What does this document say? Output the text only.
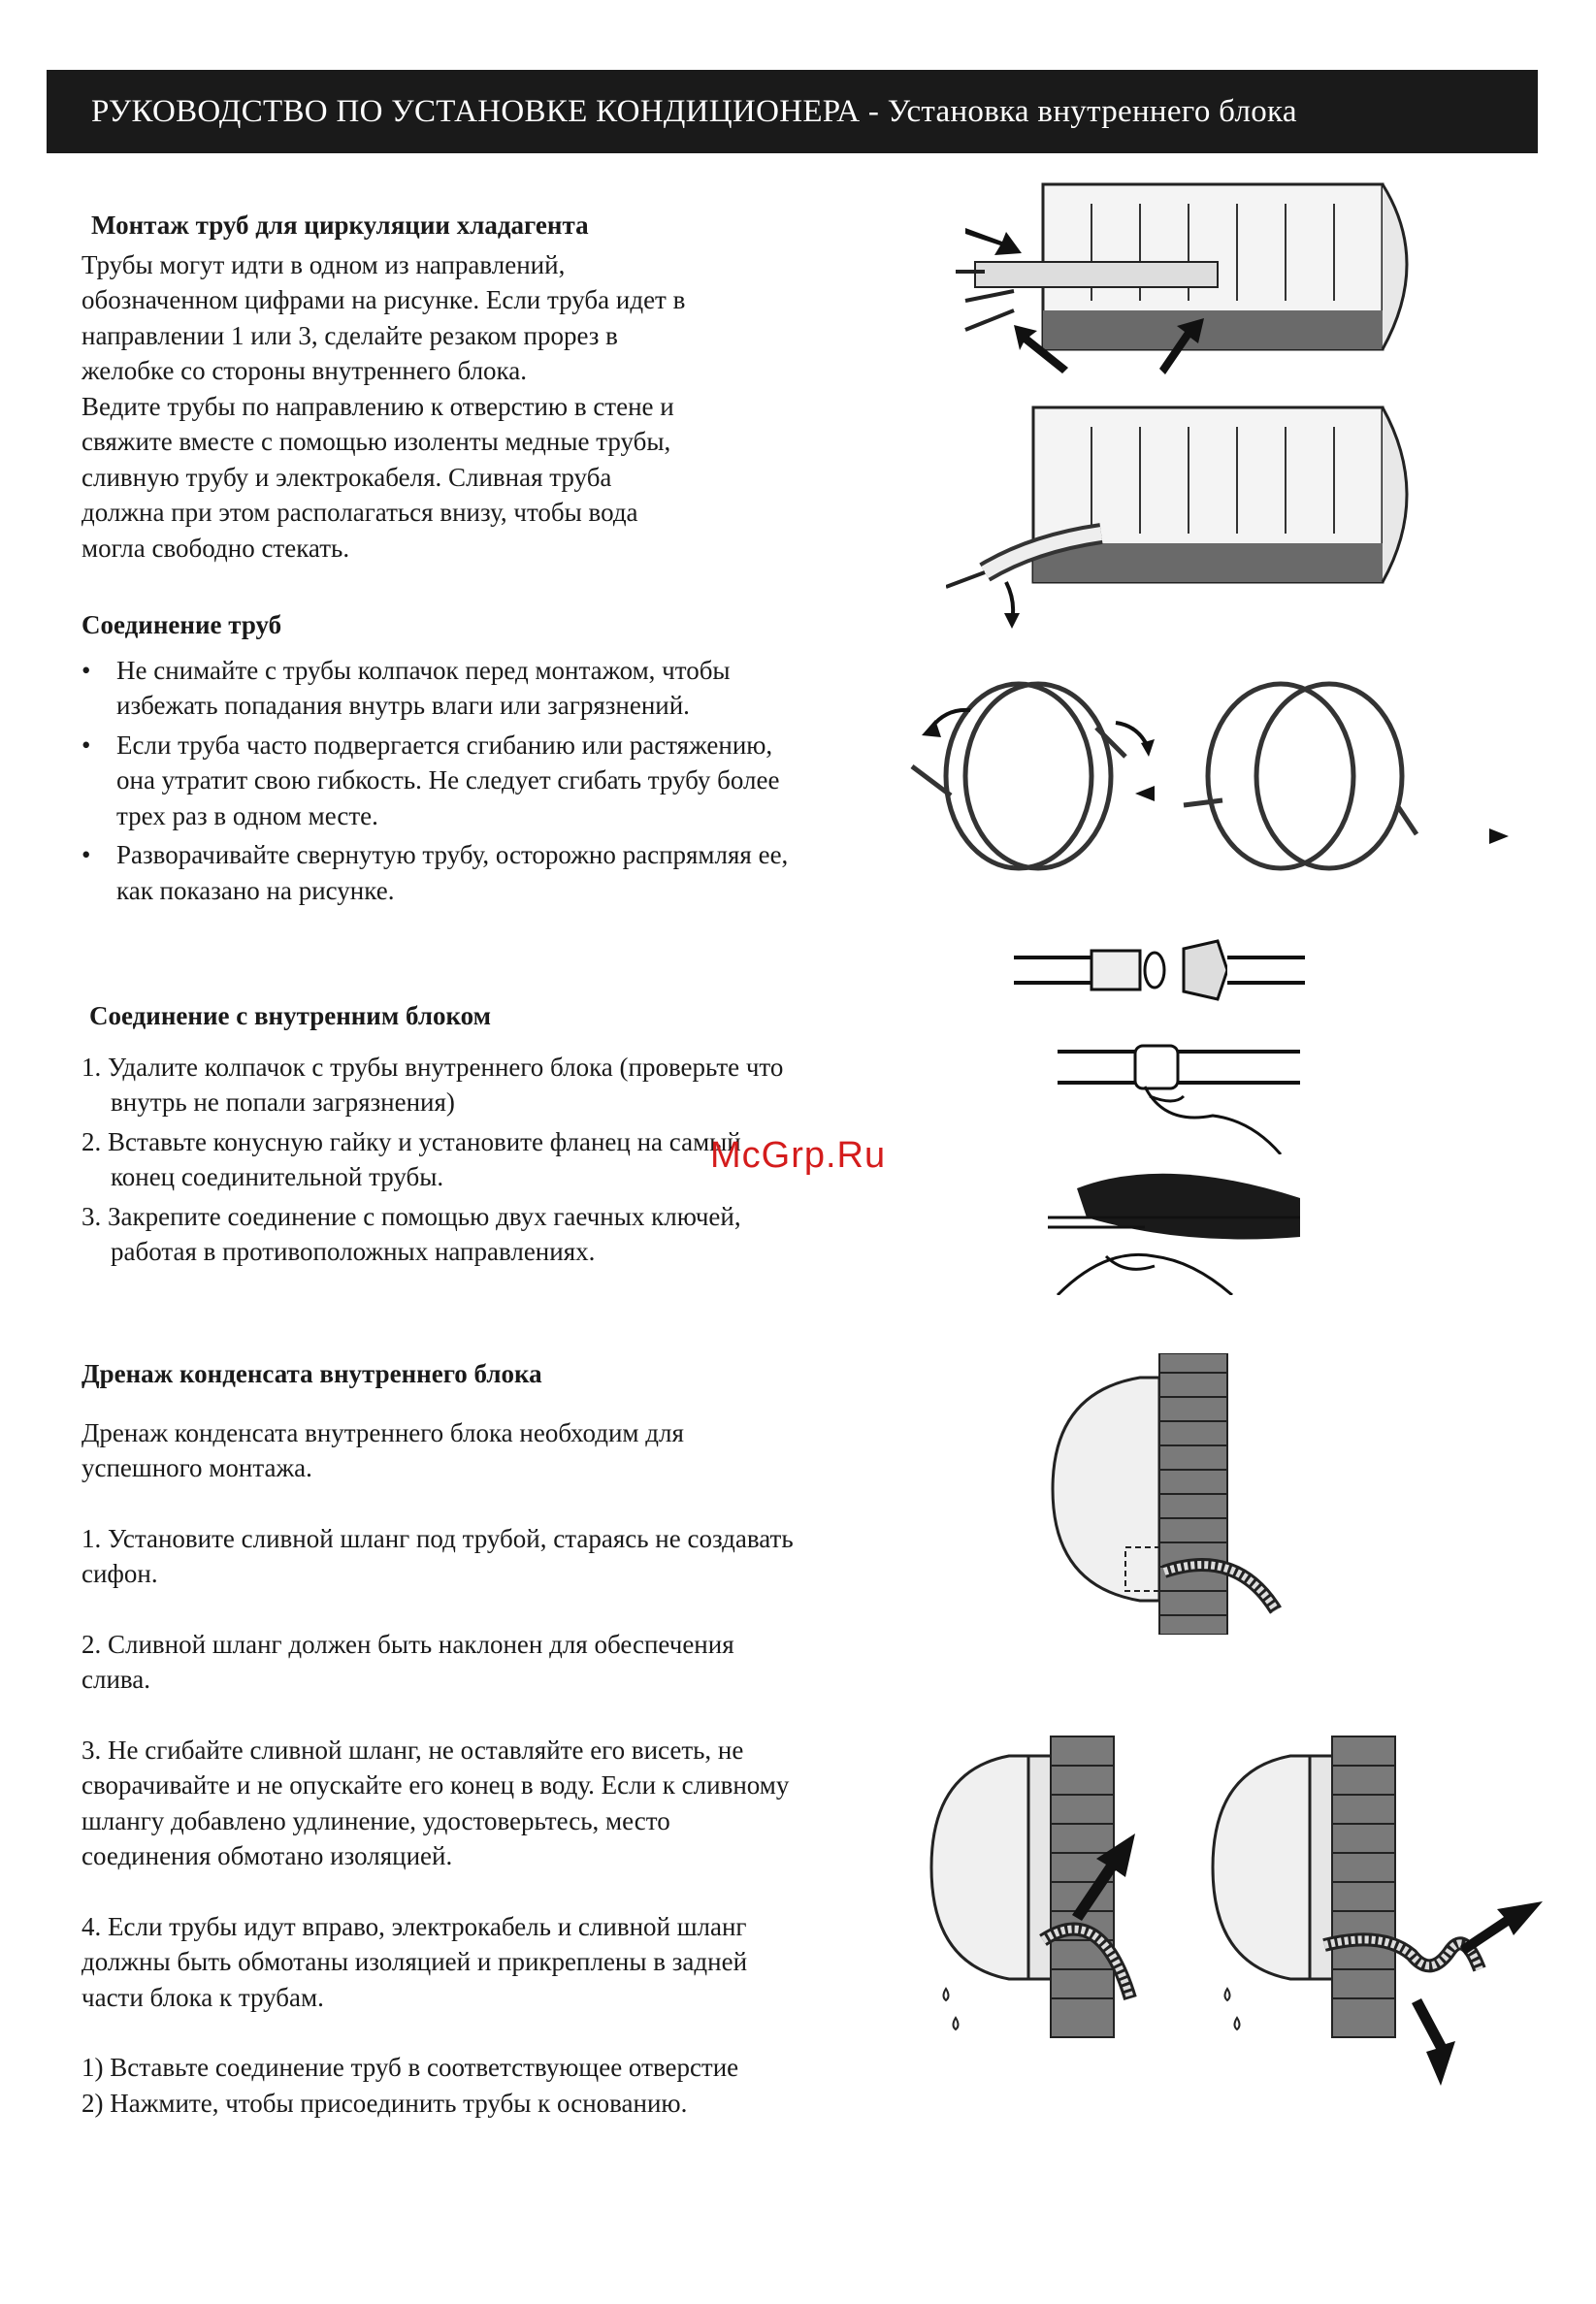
РУКОВОДСТВО ПО УСТАНОВКЕ КОНДИЦИОНЕРА - Установка внутреннего блока

Монтаж труб для циркуляции хладагента

Трубы могут идти в одном из направлений,

обозначенном цифрами на рисунке. Если труба идет в

направлении 1 или 3, сделайте резаком прорез в

желобке со стороны внутреннего блока.

Ведите трубы по направлению к отверстию в стене и

свяжите вместе с помощью изоленты медные трубы,

сливную трубу и электрокабеля. Сливная труба

должна при этом располагаться внизу, чтобы вода

могла свободно стекать.

Соединение труб

• Не снимайте с трубы колпачок перед монтажом, чтобы избежать попадания внутрь влаги или загрязнений.
• Если труба часто подвергается сгибанию или растяжению, она утратит свою гибкость. Не следует сгибать трубу более трех раз в одном месте.
• Разворачивайте свернутую трубу, осторожно распрямляя ее, как показано на рисунке.

Соединение с внутренним блоком

1. Удалите колпачок с трубы внутреннего блока (проверьте что внутрь не попали загрязнения)
2. Вставьте конусную гайку и установите фланец на самый конец соединительной трубы.
3. Закрепите соединение с помощью двух гаечных ключей, работая в противоположных направлениях.

Дренаж конденсата внутреннего блока

Дренаж конденсата внутреннего блока необходим для успешного монтажа.

1. Установите сливной шланг под трубой, стараясь не создавать сифон.

2. Сливной шланг должен быть наклонен для обеспечения слива.

3. Не сгибайте сливной шланг, не оставляйте его висеть, не сворачивайте и не опускайте его конец в воду. Если к сливному шлангу добавлено удлинение, удостоверьтесь, место соединения обмотано изоляцией.

4. Если трубы идут вправо, электрокабель и сливной шланг должны быть обмотаны изоляцией и прикреплены в задней части блока к трубам.

1) Вставьте соединение труб в соответствующее отверстие

2) Нажмите, чтобы присоединить трубы к основанию.

McGrp.Ru
